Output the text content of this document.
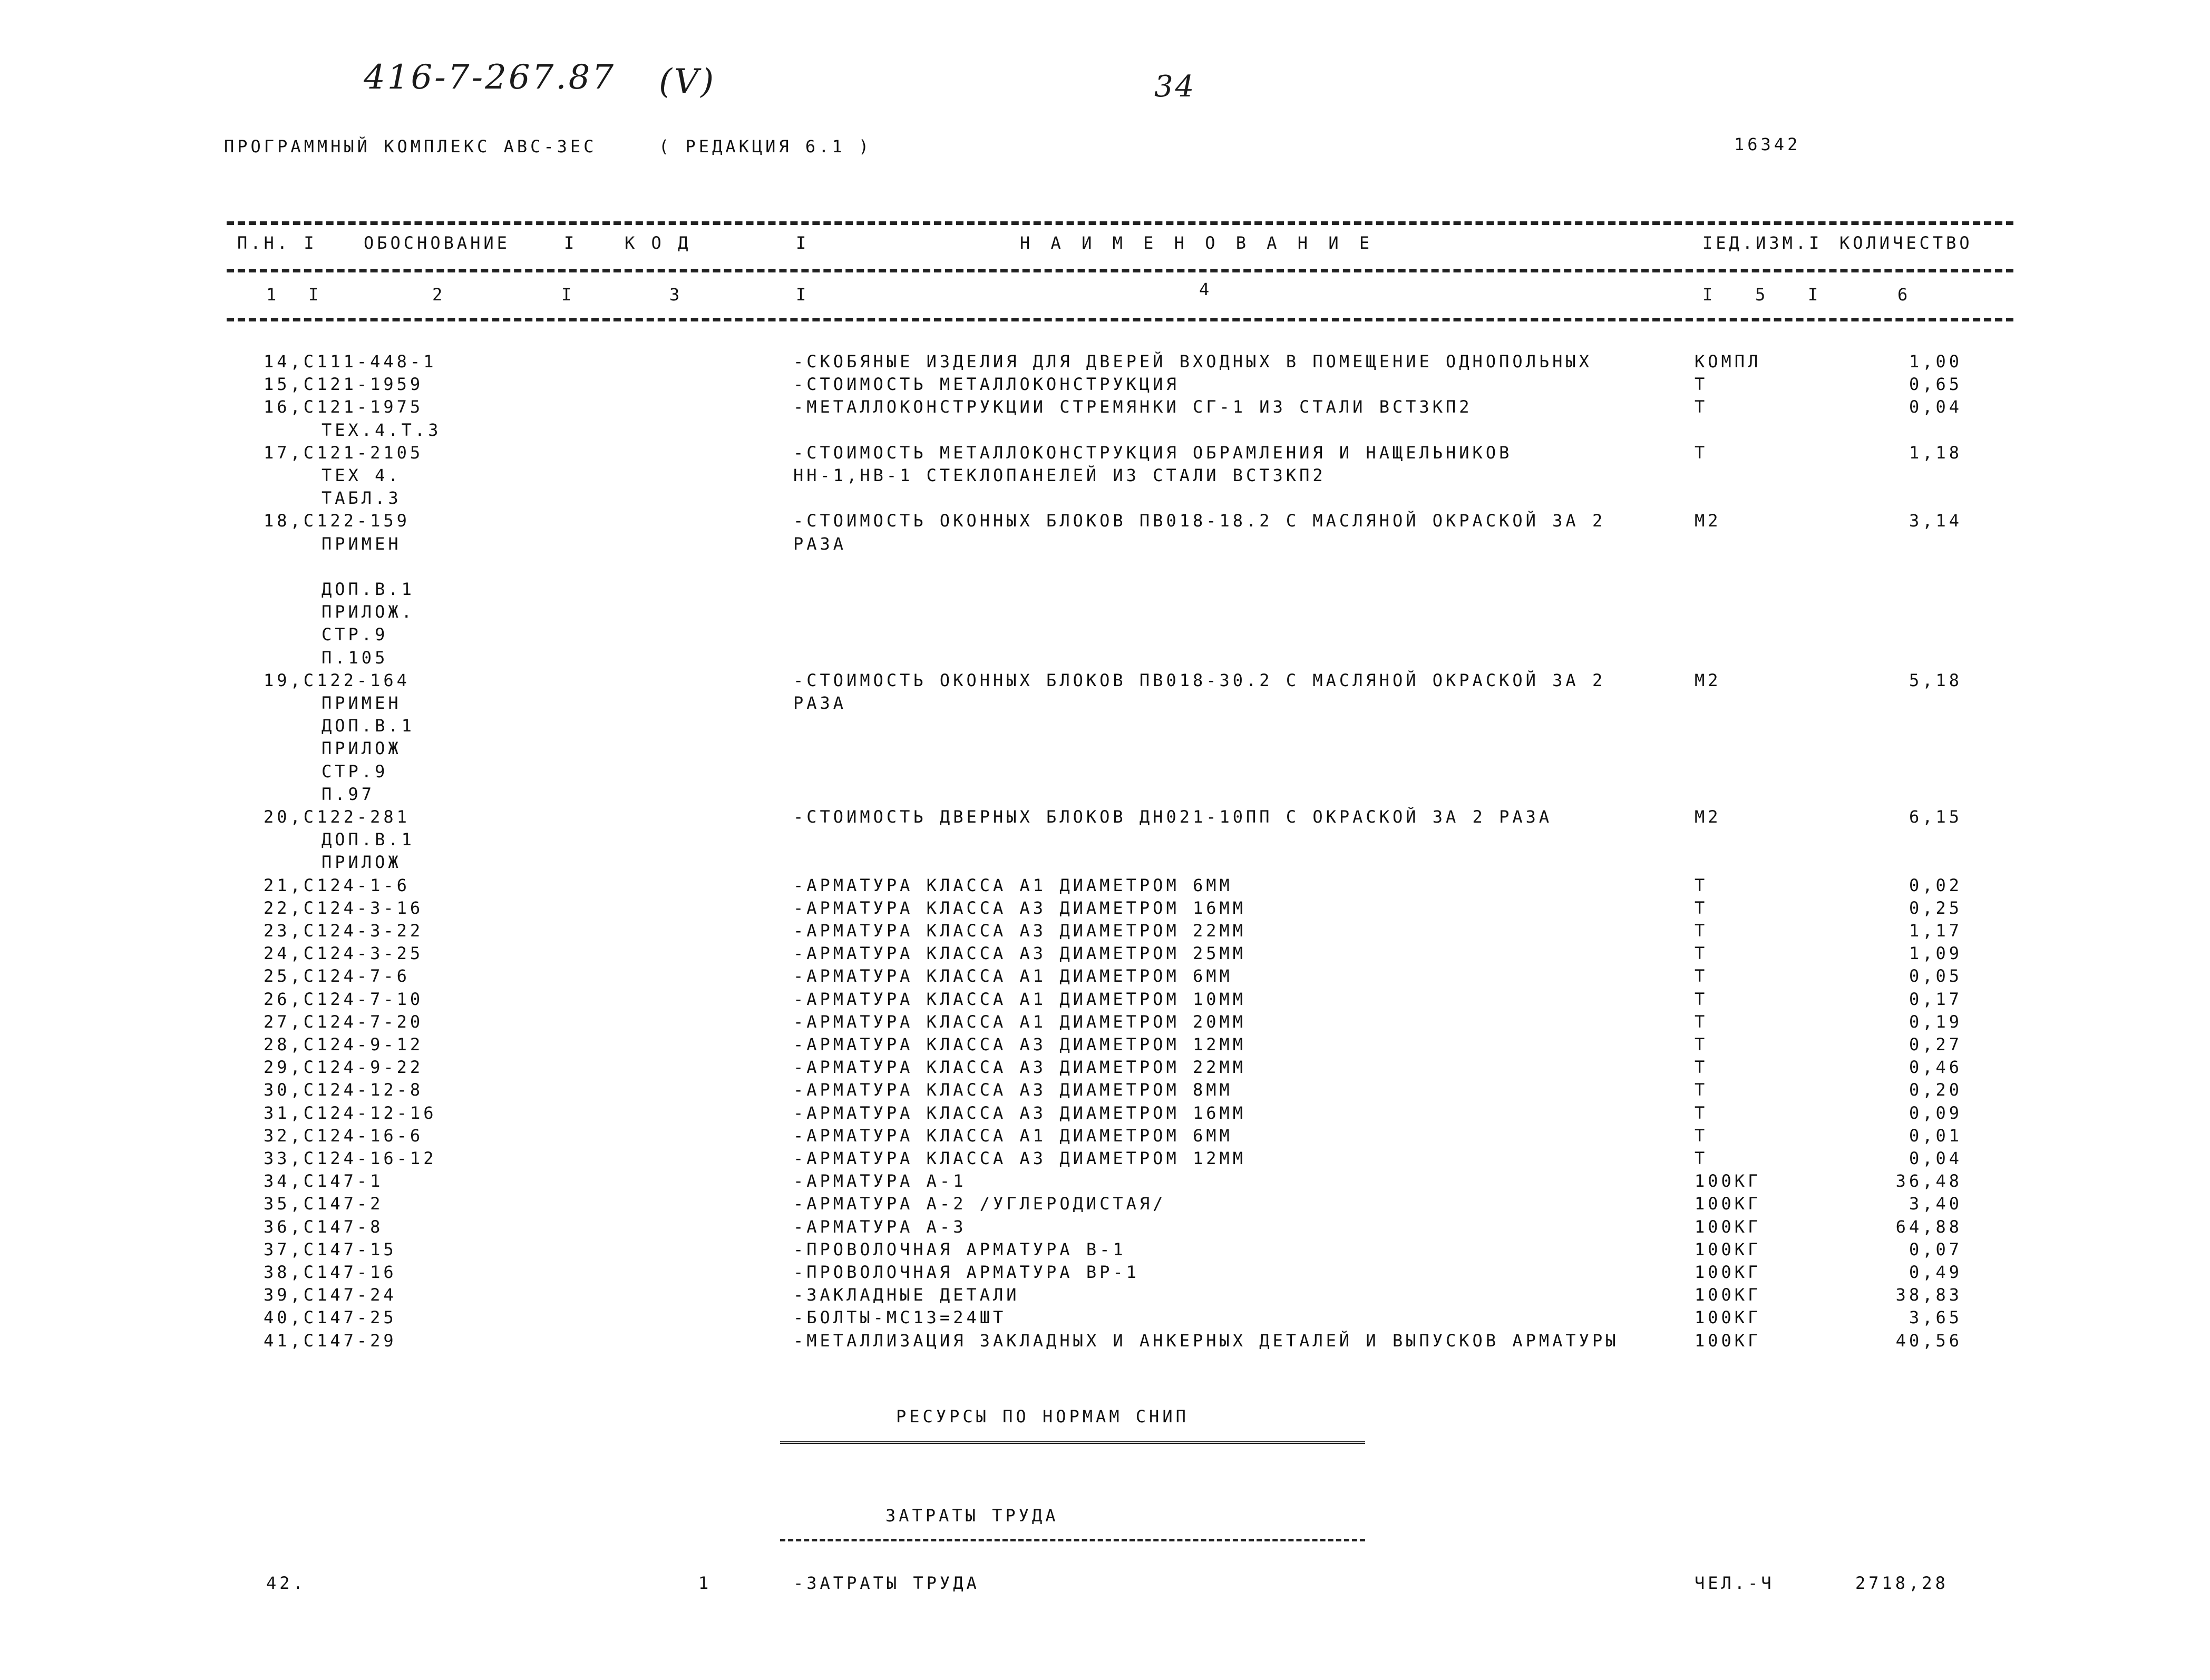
416-7-267.87 (V)	34
ПРОГРАММНЫЙ КОМПЛЕКС АВС-3ЕС	( РЕДАКЦИЯ 6.1 )	16342
П.Н. I	ОБОСНОВАНИЕ	I	К О Д	I	Н А И М Е Н О В А Н И Е	IЕД.ИЗМ.I КОЛИЧЕСТВО
1 I	2	I	3	I	4	I 5 I	6
14,C111-448-1	-СКОБЯНЫЕ ИЗДЕЛИЯ ДЛЯ ДВЕРЕЙ ВХОДНЫХ В ПОМЕЩЕНИЕ ОДНОПОЛЬНЫХ	КОМПЛ	1,00
15,C121-1959	-СТОИМОСТЬ МЕТАЛЛОКОНСТРУКЦИЯ	Т	0,65
16,C121-1975	-МЕТАЛЛОКОНСТРУКЦИИ СТРЕМЯНКИ СГ-1 ИЗ СТАЛИ ВСТ3КП2	Т	0,04
ТЕХ.4.Т.3
17,C121-2105	-СТОИМОСТЬ МЕТАЛЛОКОНСТРУКЦИЯ ОБРАМЛЕНИЯ И НАЩЕЛЬНИКОВ	Т	1,18
ТЕХ 4.	НН-1,НВ-1 СТЕКЛОПАНЕЛЕЙ ИЗ СТАЛИ ВСТ3КП2
ТАБЛ.3
18,C122-159	-СТОИМОСТЬ ОКОННЫХ БЛОКОВ ПВ018-18.2 С МАСЛЯНОЙ ОКРАСКОЙ ЗА 2	М2	3,14
ПРИМЕН	РАЗА
ДОП.В.1
ПРИЛОЖ.
СТР.9
П.105
19,C122-164	-СТОИМОСТЬ ОКОННЫХ БЛОКОВ ПВ018-30.2 С МАСЛЯНОЙ ОКРАСКОЙ ЗА 2	М2	5,18
ПРИМЕН	РАЗА
ДОП.В.1
ПРИЛОЖ
СТР.9
П.97
20,C122-281	-СТОИМОСТЬ ДВЕРНЫХ БЛОКОВ ДН021-10ПП С ОКРАСКОЙ ЗА 2 РАЗА	М2	6,15
ДОП.В.1
ПРИЛОЖ
21,C124-1-6	-АРМАТУРА КЛАССА А1 ДИАМЕТРОМ 6ММ	Т	0,02
22,C124-3-16	-АРМАТУРА КЛАССА А3 ДИАМЕТРОМ 16ММ	Т	0,25
23,C124-3-22	-АРМАТУРА КЛАССА А3 ДИАМЕТРОМ 22ММ	Т	1,17
24,C124-3-25	-АРМАТУРА КЛАССА А3 ДИАМЕТРОМ 25ММ	Т	1,09
25,C124-7-6	-АРМАТУРА КЛАССА А1 ДИАМЕТРОМ 6ММ	Т	0,05
26,C124-7-10	-АРМАТУРА КЛАССА А1 ДИАМЕТРОМ 10ММ	Т	0,17
27,C124-7-20	-АРМАТУРА КЛАССА А1 ДИАМЕТРОМ 20ММ	Т	0,19
28,C124-9-12	-АРМАТУРА КЛАССА А3 ДИАМЕТРОМ 12ММ	Т	0,27
29,C124-9-22	-АРМАТУРА КЛАССА А3 ДИАМЕТРОМ 22ММ	Т	0,46
30,C124-12-8	-АРМАТУРА КЛАССА А3 ДИАМЕТРОМ 8ММ	Т	0,20
31,C124-12-16	-АРМАТУРА КЛАССА А3 ДИАМЕТРОМ 16ММ	Т	0,09
32,C124-16-6	-АРМАТУРА КЛАССА А1 ДИАМЕТРОМ 6ММ	Т	0,01
33,C124-16-12	-АРМАТУРА КЛАССА А3 ДИАМЕТРОМ 12ММ	Т	0,04
34,C147-1	-АРМАТУРА А-1	100КГ	36,48
35,C147-2	-АРМАТУРА А-2 /УГЛЕРОДИСТАЯ/	100КГ	3,40
36,C147-8	-АРМАТУРА А-3	100КГ	64,88
37,C147-15	-ПРОВОЛОЧНАЯ АРМАТУРА В-1	100КГ	0,07
38,C147-16	-ПРОВОЛОЧНАЯ АРМАТУРА ВР-1	100КГ	0,49
39,C147-24	-ЗАКЛАДНЫЕ ДЕТАЛИ	100КГ	38,83
40,C147-25	-БОЛТЫ-МС13=24ШТ	100КГ	3,65
41,C147-29	-МЕТАЛЛИЗАЦИЯ ЗАКЛАДНЫХ И АНКЕРНЫХ ДЕТАЛЕЙ И ВЫПУСКОВ АРМАТУРЫ	100КГ	40,56
РЕСУРСЫ ПО НОРМАМ СНИП
ЗАТРАТЫ ТРУДА
42.	1	-ЗАТРАТЫ ТРУДА	ЧЕЛ.-Ч	2718,28
